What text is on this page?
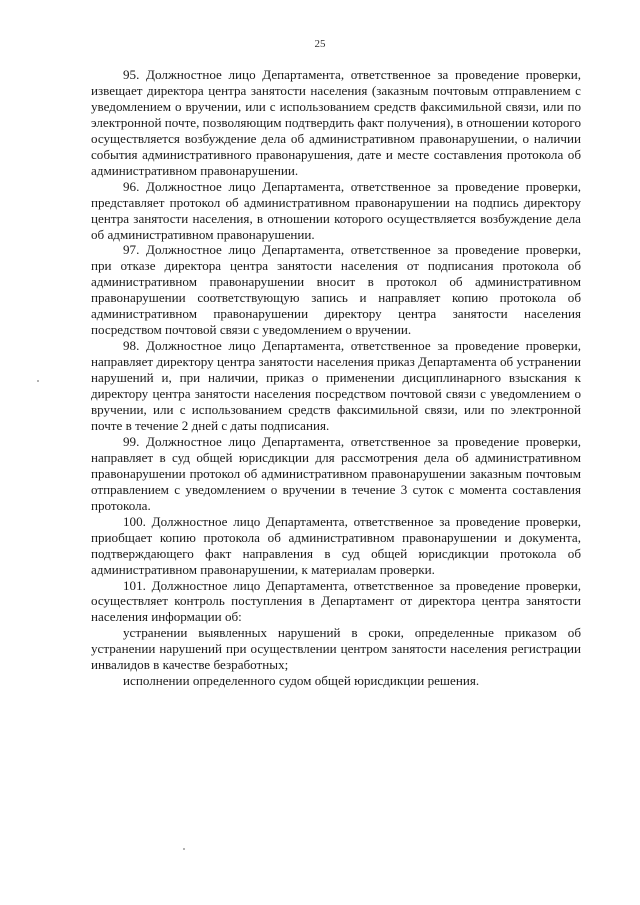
25

95. Должностное лицо Департамента, ответственное за проведение проверки, извещает директора центра занятости населения (заказным почтовым отправлением с уведомлением о вручении, или с использованием средств факсимильной связи, или по электронной почте, позволяющим подтвердить факт получения), в отношении которого осуществляется возбуждение дела об административном правонарушении, о наличии события административного правонарушения, дате и месте составления протокола об административном правонарушении.

96. Должностное лицо Департамента, ответственное за проведение проверки, представляет протокол об административном правонарушении на подпись директору центра занятости населения, в отношении которого осуществляется возбуждение дела об административном правонарушении.

97. Должностное лицо Департамента, ответственное за проведение проверки, при отказе директора центра занятости населения от подписания протокола об административном правонарушении вносит в протокол об административном правонарушении соответствующую запись и направляет копию протокола об административном правонарушении директору центра занятости населения посредством почтовой связи с уведомлением о вручении.

98. Должностное лицо Департамента, ответственное за проведение проверки, направляет директору центра занятости населения приказ Департамента об устранении нарушений и, при наличии, приказ о применении дисциплинарного взыскания к директору центра занятости населения посредством почтовой связи с уведомлением о вручении, или с использованием средств факсимильной связи, или по электронной почте в течение 2 дней с даты подписания.

99. Должностное лицо Департамента, ответственное за проведение проверки, направляет в суд общей юрисдикции для рассмотрения дела об административном правонарушении протокол об административном правонарушении заказным почтовым отправлением с уведомлением о вручении в течение 3 суток с момента составления протокола.

100. Должностное лицо Департамента, ответственное за проведение проверки, приобщает копию протокола об административном правонарушении и документа, подтверждающего факт направления в суд общей юрисдикции протокола об административном правонарушении, к материалам проверки.

101. Должностное лицо Департамента, ответственное за проведение проверки, осуществляет контроль поступления в Департамент от директора центра занятости населения информации об:

устранении выявленных нарушений в сроки, определенные приказом об устранении нарушений при осуществлении центром занятости населения регистрации инвалидов в качестве безработных;

исполнении определенного судом общей юрисдикции решения.
